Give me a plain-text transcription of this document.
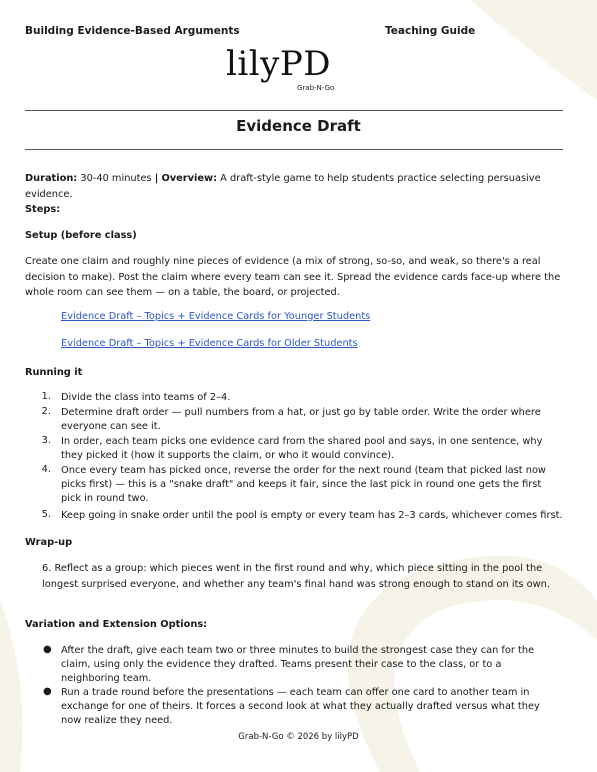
Building Evidence-Based Arguments	Teaching Guide
lilyPD
Grab-N-Go
Evidence Draft
Duration: 30-40 minutes | Overview: A draft-style game to help students practice selecting persuasive evidence.
Steps:
Setup (before class)
Create one claim and roughly nine pieces of evidence (a mix of strong, so-so, and weak, so there's a real decision to make). Post the claim where every team can see it. Spread the evidence cards face-up where the whole room can see them — on a table, the board, or projected.
Evidence Draft – Topics + Evidence Cards for Younger Students
Evidence Draft – Topics + Evidence Cards for Older Students
Running it
1. Divide the class into teams of 2–4.
2. Determine draft order — pull numbers from a hat, or just go by table order. Write the order where everyone can see it.
3. In order, each team picks one evidence card from the shared pool and says, in one sentence, why they picked it (how it supports the claim, or who it would convince).
4. Once every team has picked once, reverse the order for the next round (team that picked last now picks first) — this is a "snake draft" and keeps it fair, since the last pick in round one gets the first pick in round two.
5. Keep going in snake order until the pool is empty or every team has 2–3 cards, whichever comes first.
Wrap-up
6. Reflect as a group: which pieces went in the first round and why, which piece sitting in the pool the longest surprised everyone, and whether any team's final hand was strong enough to stand on its own.
Variation and Extension Options:
● After the draft, give each team two or three minutes to build the strongest case they can for the claim, using only the evidence they drafted. Teams present their case to the class, or to a neighboring team.
● Run a trade round before the presentations — each team can offer one card to another team in exchange for one of theirs. It forces a second look at what they actually drafted versus what they now realize they need.
Grab-N-Go © 2026 by lilyPD
